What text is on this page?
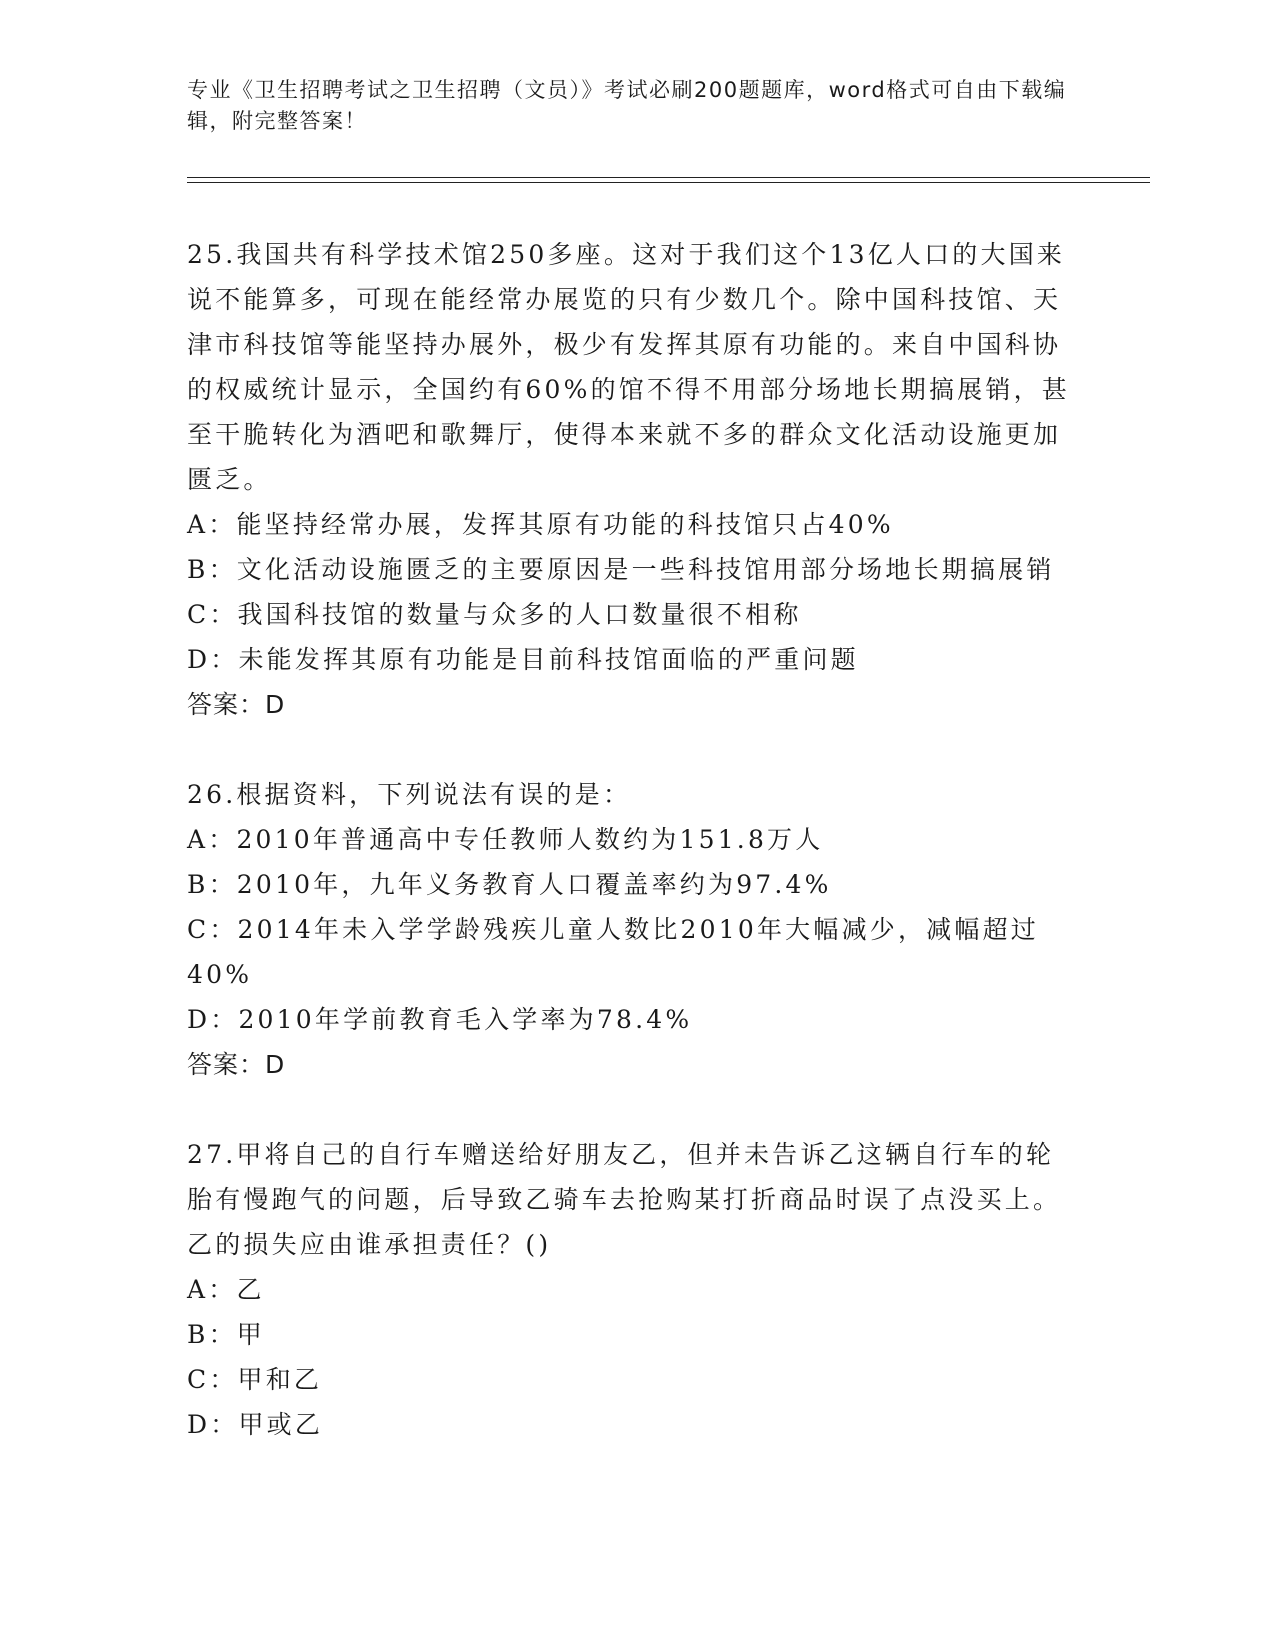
专业《卫生招聘考试之卫生招聘（文员）》考试必刷200题题库，word格式可自由下载编辑，附完整答案！

25.我国共有科学技术馆250多座。这对于我们这个13亿人口的大国来说不能算多，可现在能经常办展览的只有少数几个。除中国科技馆、天津市科技馆等能坚持办展外，极少有发挥其原有功能的。来自中国科协的权威统计显示，全国约有60%的馆不得不用部分场地长期搞展销，甚至干脆转化为酒吧和歌舞厅，使得本来就不多的群众文化活动设施更加匮乏。

A：能坚持经常办展，发挥其原有功能的科技馆只占40%

B：文化活动设施匮乏的主要原因是一些科技馆用部分场地长期搞展销

C：我国科技馆的数量与众多的人口数量很不相称

D：未能发挥其原有功能是目前科技馆面临的严重问题

答案：D

26.根据资料，下列说法有误的是：

A：2010年普通高中专任教师人数约为151.8万人

B：2010年，九年义务教育人口覆盖率约为97.4%

C：2014年未入学学龄残疾儿童人数比2010年大幅减少，减幅超过40%

D：2010年学前教育毛入学率为78.4%

答案：D

27.甲将自己的自行车赠送给好朋友乙，但并未告诉乙这辆自行车的轮胎有慢跑气的问题，后导致乙骑车去抢购某打折商品时误了点没买上。乙的损失应由谁承担责任？()

A：乙

B：甲

C：甲和乙

D：甲或乙
